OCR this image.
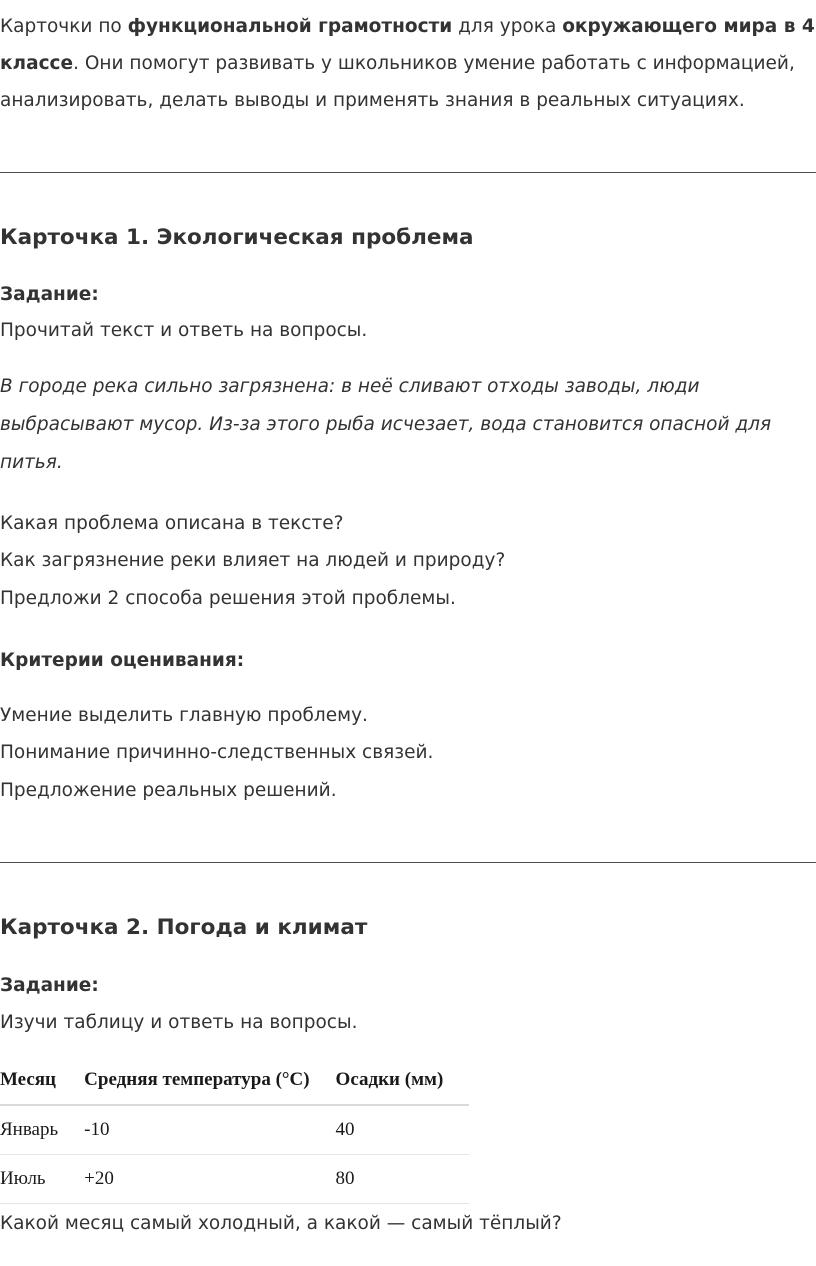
Карточки по функциональной грамотности для урока окружающего мира в 4 классе. Они помогут развивать у школьников умение работать с информацией, анализировать, делать выводы и применять знания в реальных ситуациях.

Карточка 1. Экологическая проблема
Задание:
Прочитай текст и ответь на вопросы.

В городе река сильно загрязнена: в неё сливают отходы заводы, люди выбрасывают мусор. Из-за этого рыба исчезает, вода становится опасной для питья.

Какая проблема описана в тексте?
Как загрязнение реки влияет на людей и природу?
Предложи 2 способа решения этой проблемы.
Критерии оценивания:
Умение выделить главную проблему.
Понимание причинно-следственных связей.
Предложение реальных решений.
Карточка 2. Погода и климат
Задание:
Изучи таблицу и ответь на вопросы.
Месяц	Средняя температура (°C)	Осадки (мм)
Январь	-10	40
Июль	+20	80
Какой месяц самый холодный, а какой — самый тёплый?
